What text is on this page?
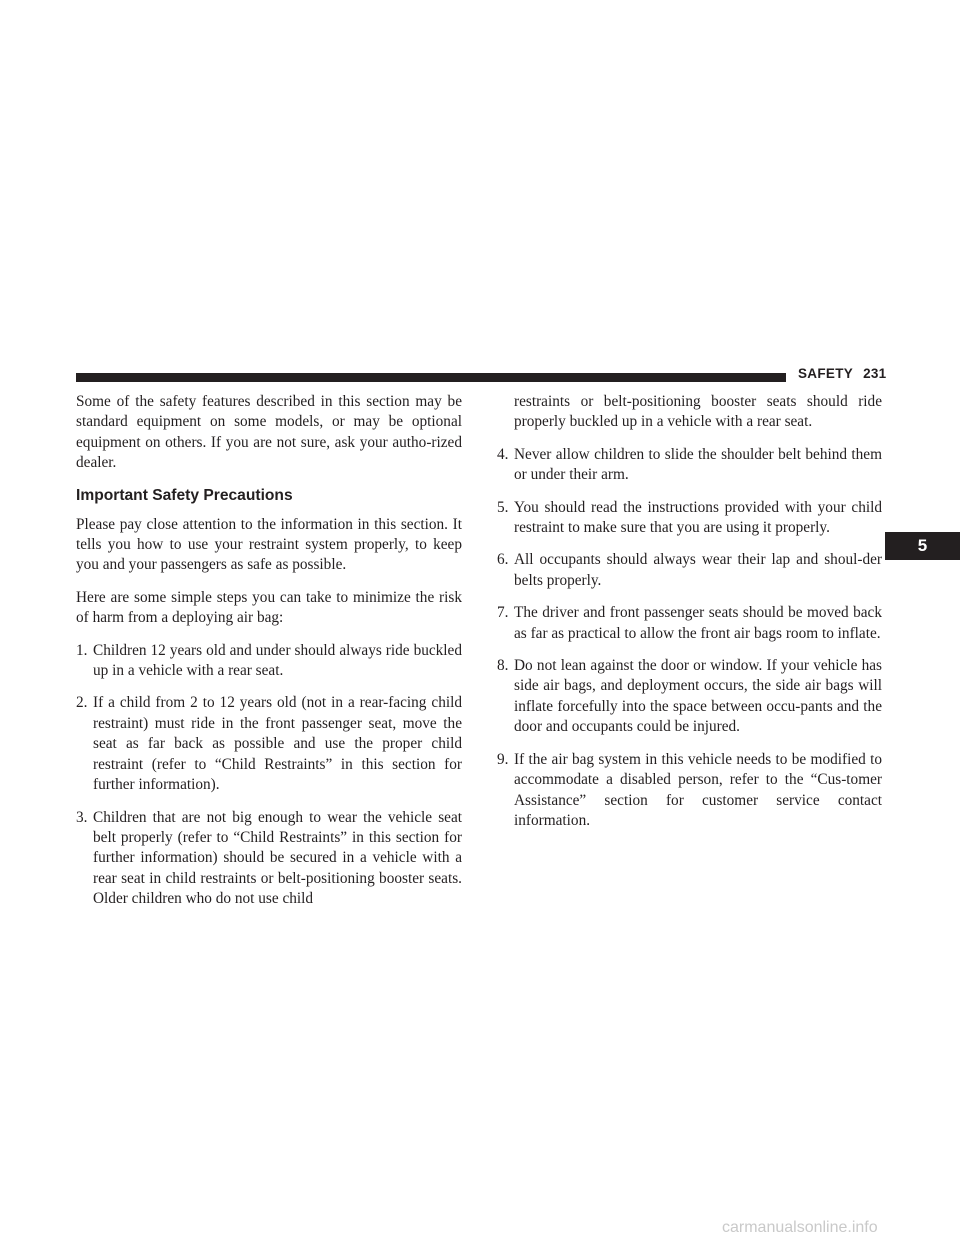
SAFETY 231
5

Some of the safety features described in this section may be standard equipment on some models, or may be optional equipment on others. If you are not sure, ask your autho-rized dealer.

Important Safety Precautions

Please pay close attention to the information in this section. It tells you how to use your restraint system properly, to keep you and your passengers as safe as possible.

Here are some simple steps you can take to minimize the risk of harm from a deploying air bag:

1. Children 12 years old and under should always ride buckled up in a vehicle with a rear seat.
2. If a child from 2 to 12 years old (not in a rear-facing child restraint) must ride in the front passenger seat, move the seat as far back as possible and use the proper child restraint (refer to “Child Restraints” in this section for further information).
3. Children that are not big enough to wear the vehicle seat belt properly (refer to “Child Restraints” in this section for further information) should be secured in a vehicle with a rear seat in child restraints or belt-positioning booster seats. Older children who do not use child
restraints or belt-positioning booster seats should ride properly buckled up in a vehicle with a rear seat.
4. Never allow children to slide the shoulder belt behind them or under their arm.
5. You should read the instructions provided with your child restraint to make sure that you are using it properly.
6. All occupants should always wear their lap and shoul-der belts properly.
7. The driver and front passenger seats should be moved back as far as practical to allow the front air bags room to inflate.
8. Do not lean against the door or window. If your vehicle has side air bags, and deployment occurs, the side air bags will inflate forcefully into the space between occu-pants and the door and occupants could be injured.
9. If the air bag system in this vehicle needs to be modified to accommodate a disabled person, refer to the “Cus-tomer Assistance” section for customer service contact information.
carmanualsonline.info
